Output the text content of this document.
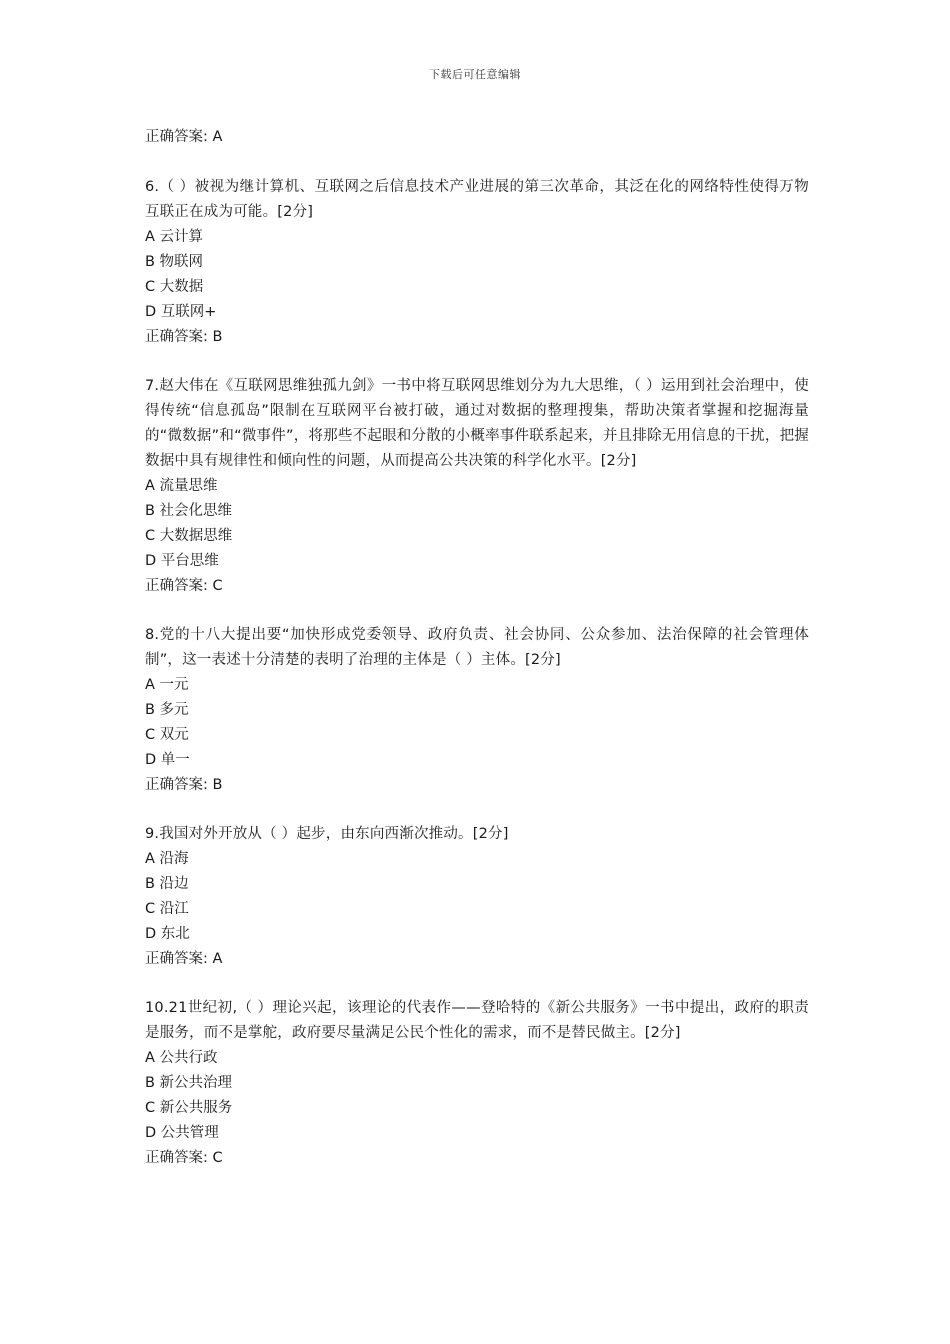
下载后可任意编辑

正确答案: A

6.（ ）被视为继计算机、互联网之后信息技术产业进展的第三次革命，其泛在化的网络特性使得万物互联正在成为可能。[2分]

A 云计算

B 物联网

C 大数据

D 互联网+

正确答案: B

7.赵大伟在《互联网思维独孤九剑》一书中将互联网思维划分为九大思维，（ ）运用到社会治理中，使得传统“信息孤岛”限制在互联网平台被打破，通过对数据的整理搜集，帮助决策者掌握和挖掘海量的“微数据”和“微事件”，将那些不起眼和分散的小概率事件联系起来，并且排除无用信息的干扰，把握数据中具有规律性和倾向性的问题，从而提高公共决策的科学化水平。[2分]

A 流量思维

B 社会化思维

C 大数据思维

D 平台思维

正确答案: C

8.党的十八大提出要“加快形成党委领导、政府负责、社会协同、公众参加、法治保障的社会管理体制”，这一表述十分清楚的表明了治理的主体是（ ）主体。[2分]

A 一元

B 多元

C 双元

D 单一

正确答案: B

9.我国对外开放从（ ）起步，由东向西渐次推动。[2分]

A 沿海

B 沿边

C 沿江

D 东北

正确答案: A

10.21世纪初,（ ）理论兴起，该理论的代表作——登哈特的《新公共服务》一书中提出，政府的职责是服务，而不是掌舵，政府要尽量满足公民个性化的需求，而不是替民做主。[2分]

A 公共行政

B 新公共治理

C 新公共服务

D 公共管理

正确答案: C
